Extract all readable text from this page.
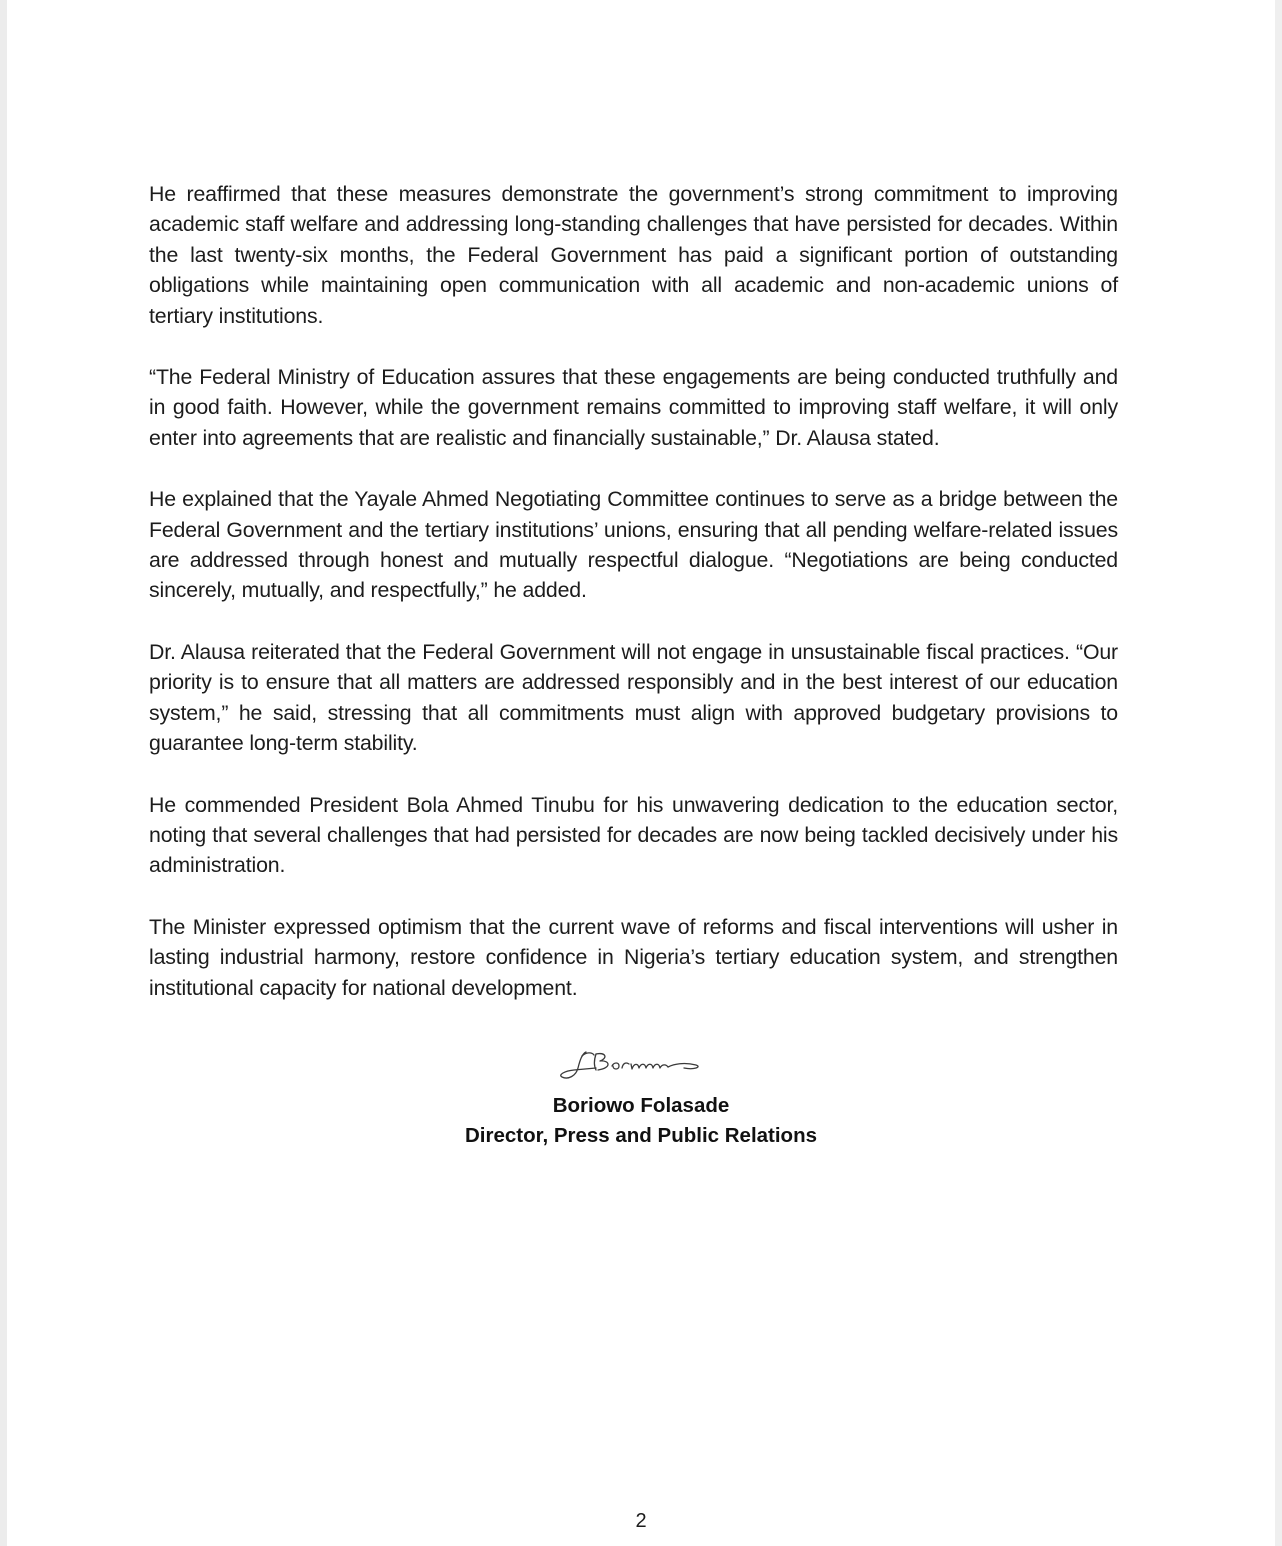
He reaffirmed that these measures demonstrate the government’s strong commitment to improving academic staff welfare and addressing long-standing challenges that have persisted for decades. Within the last twenty-six months, the Federal Government has paid a significant portion of outstanding obligations while maintaining open communication with all academic and non-academic unions of tertiary institutions.

“The Federal Ministry of Education assures that these engagements are being conducted truthfully and in good faith. However, while the government remains committed to improving staff welfare, it will only enter into agreements that are realistic and financially sustainable,” Dr. Alausa stated.

He explained that the Yayale Ahmed Negotiating Committee continues to serve as a bridge between the Federal Government and the tertiary institutions’ unions, ensuring that all pending welfare-related issues are addressed through honest and mutually respectful dialogue. “Negotiations are being conducted sincerely, mutually, and respectfully,” he added.

Dr. Alausa reiterated that the Federal Government will not engage in unsustainable fiscal practices. “Our priority is to ensure that all matters are addressed responsibly and in the best interest of our education system,” he said, stressing that all commitments must align with approved budgetary provisions to guarantee long-term stability.

He commended President Bola Ahmed Tinubu for his unwavering dedication to the education sector, noting that several challenges that had persisted for decades are now being tackled decisively under his administration.

The Minister expressed optimism that the current wave of reforms and fiscal interventions will usher in lasting industrial harmony, restore confidence in Nigeria’s tertiary education system, and strengthen institutional capacity for national development.

Boriowo Folasade
Director, Press and Public Relations
2
